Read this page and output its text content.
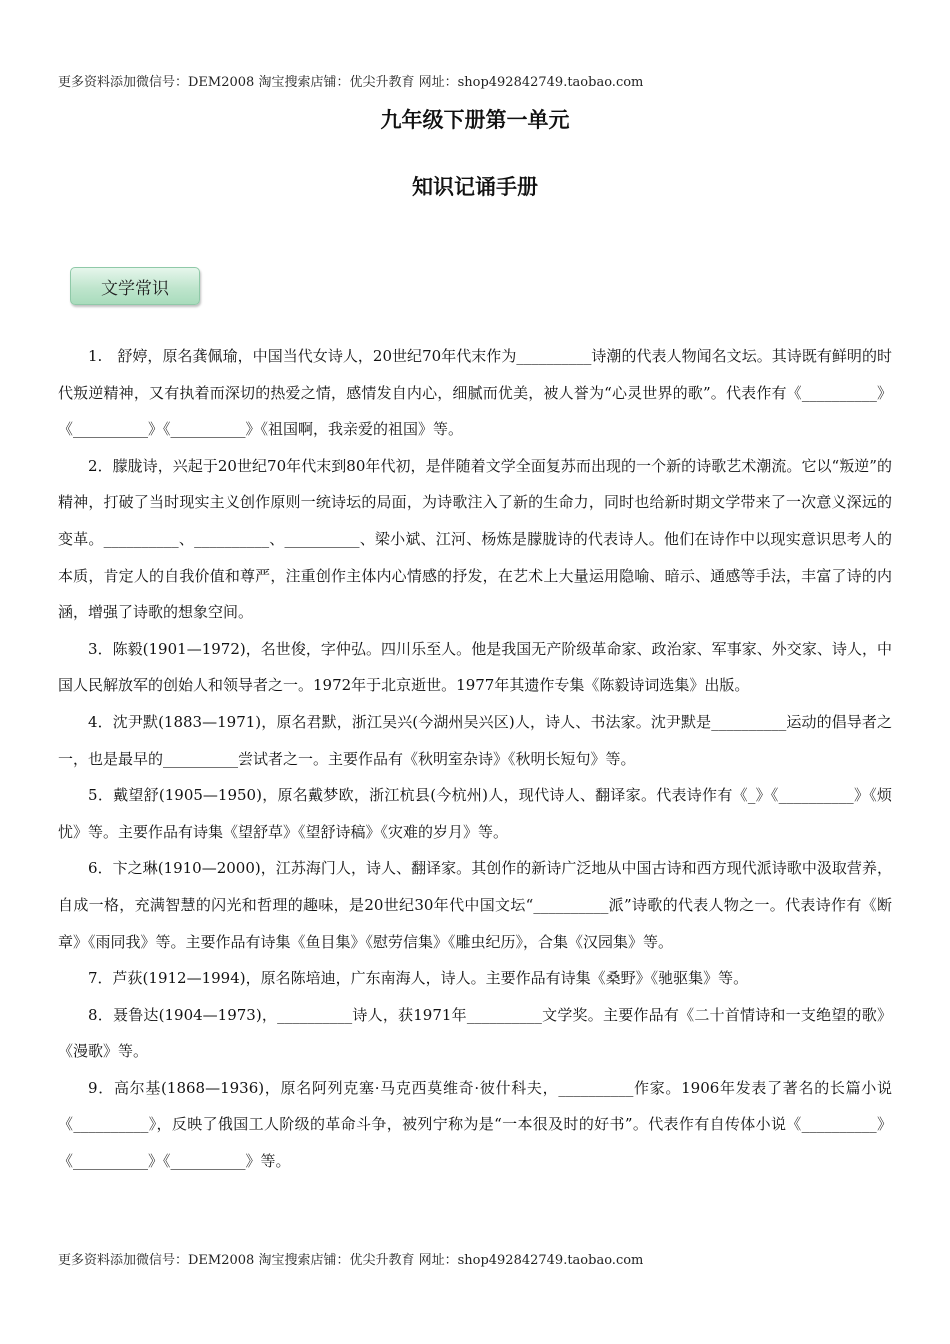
更多资料添加微信号：DEM2008 淘宝搜索店铺：优尖升教育 网址：shop492842749.taobao.com
九年级下册第一单元
知识记诵手册
文学常识

1.　舒婷，原名龚佩瑜，中国当代女诗人，20世纪70年代末作为__________诗潮的代表人物闻名文坛。其诗既有鲜明的时代叛逆精神，又有执着而深切的热爱之情，感情发自内心，细腻而优美，被人誉为“心灵世界的歌”。代表作有《__________》《__________》《__________》《祖国啊，我亲爱的祖国》等。

2．朦胧诗，兴起于20世纪70年代末到80年代初，是伴随着文学全面复苏而出现的一个新的诗歌艺术潮流。它以“叛逆”的精神，打破了当时现实主义创作原则一统诗坛的局面，为诗歌注入了新的生命力，同时也给新时期文学带来了一次意义深远的变革。__________、__________、__________、梁小斌、江河、杨炼是朦胧诗的代表诗人。他们在诗作中以现实意识思考人的本质，肯定人的自我价值和尊严，注重创作主体内心情感的抒发，在艺术上大量运用隐喻、暗示、通感等手法，丰富了诗的内涵，增强了诗歌的想象空间。

3．陈毅(1901—1972)，名世俊，字仲弘。四川乐至人。他是我国无产阶级革命家、政治家、军事家、外交家、诗人，中国人民解放军的创始人和领导者之一。1972年于北京逝世。1977年其遗作专集《陈毅诗词选集》出版。

4．沈尹默(1883—1971)，原名君默，浙江吴兴(今湖州吴兴区)人，诗人、书法家。沈尹默是__________运动的倡导者之一，也是最早的__________尝试者之一。主要作品有《秋明室杂诗》《秋明长短句》等。

5．戴望舒(1905—1950)，原名戴梦欧，浙江杭县(今杭州)人，现代诗人、翻译家。代表诗作有《_》《__________》《烦忧》等。主要作品有诗集《望舒草》《望舒诗稿》《灾难的岁月》等。

6．卞之琳(1910—2000)，江苏海门人，诗人、翻译家。其创作的新诗广泛地从中国古诗和西方现代派诗歌中汲取营养，自成一格，充满智慧的闪光和哲理的趣味，是20世纪30年代中国文坛“__________派”诗歌的代表人物之一。代表诗作有《断章》《雨同我》等。主要作品有诗集《鱼目集》《慰劳信集》《雕虫纪历》，合集《汉园集》等。

7．芦荻(1912—1994)，原名陈培迪，广东南海人，诗人。主要作品有诗集《桑野》《驰驱集》等。

8．聂鲁达(1904—1973)，__________诗人，获1971年__________文学奖。主要作品有《二十首情诗和一支绝望的歌》《漫歌》等。

9．高尔基(1868—1936)，原名阿列克塞·马克西莫维奇·彼什科夫，__________作家。1906年发表了著名的长篇小说《__________》，反映了俄国工人阶级的革命斗争，被列宁称为是“一本很及时的好书”。代表作有自传体小说《__________》《__________》《__________》等。

更多资料添加微信号：DEM2008 淘宝搜索店铺：优尖升教育 网址：shop492842749.taobao.com
